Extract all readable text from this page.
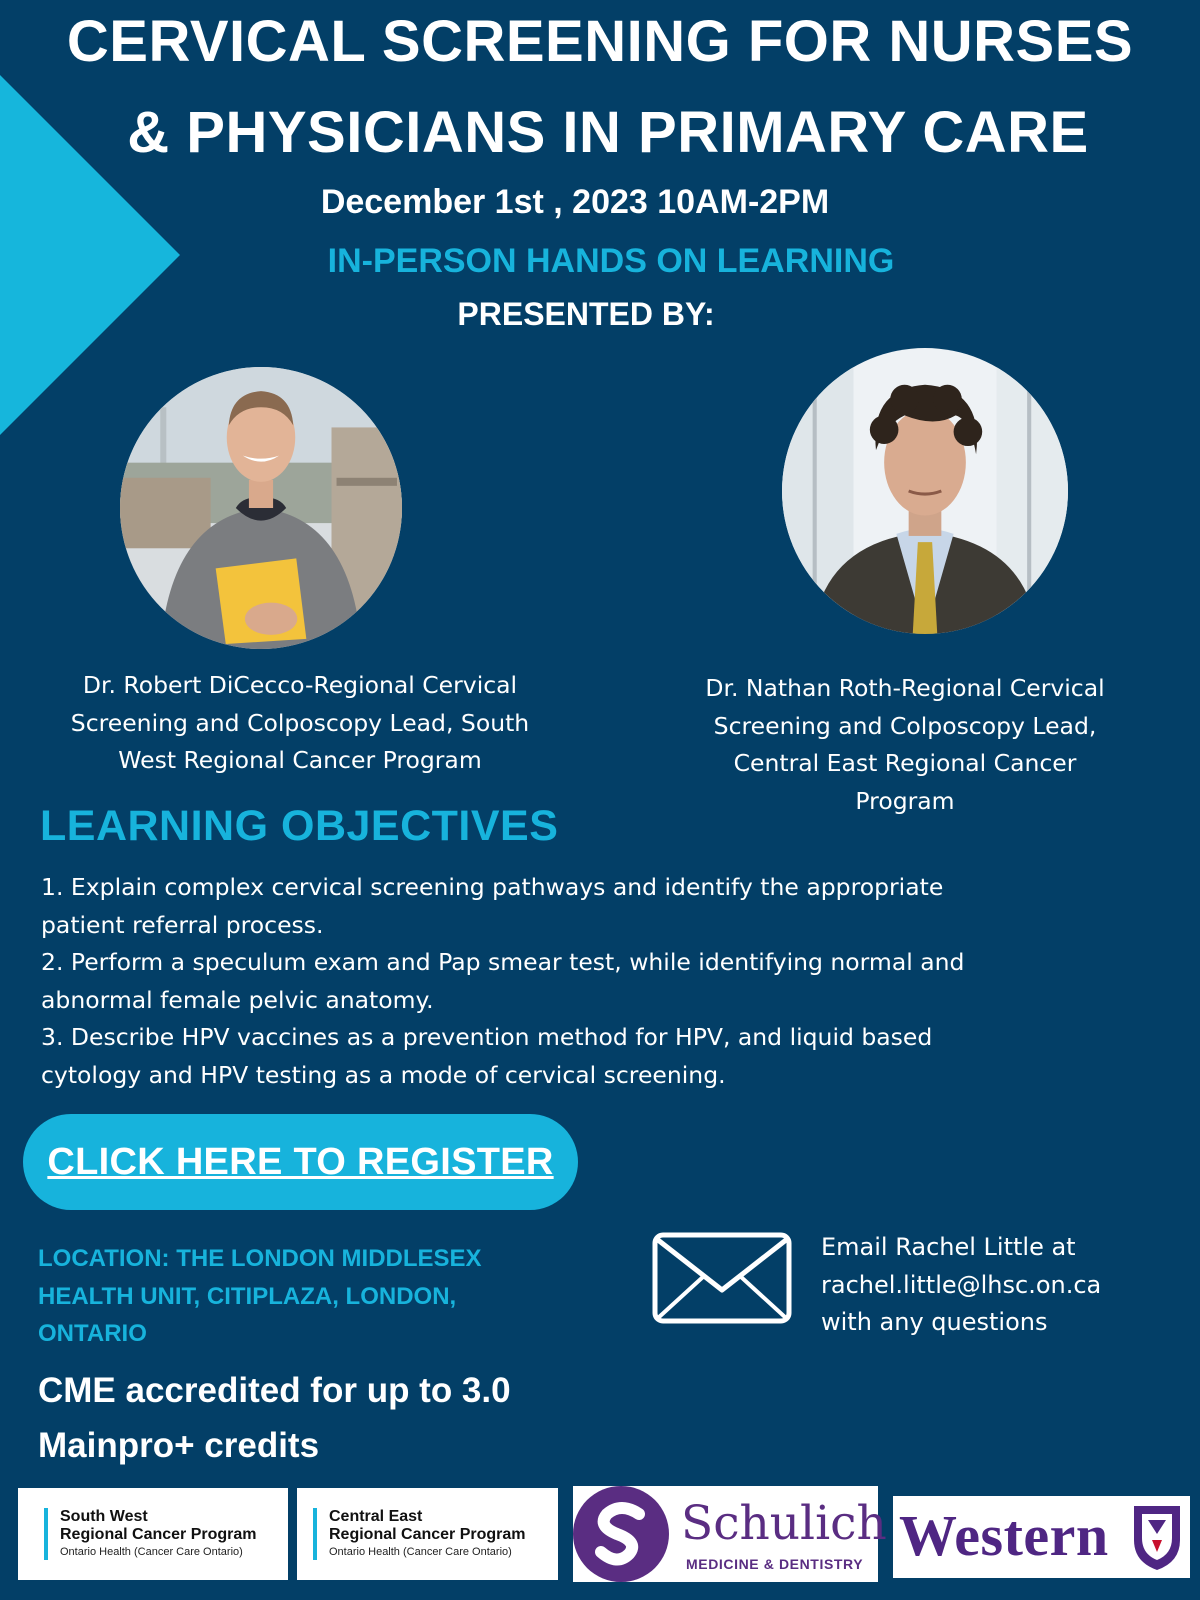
CERVICAL SCREENING FOR NURSES
& PHYSICIANS IN PRIMARY CARE
December 1st , 2023 10AM-2PM
IN-PERSON HANDS ON LEARNING
PRESENTED BY:
Dr. Robert DiCecco-Regional Cervical
Screening and Colposcopy Lead, South
West Regional Cancer Program
Dr. Nathan Roth-Regional Cervical
Screening and Colposcopy Lead,
Central East Regional Cancer
Program
LEARNING OBJECTIVES
1. Explain complex cervical screening pathways and identify the appropriate
patient referral process.
2. Perform a speculum exam and Pap smear test, while identifying normal and
abnormal female pelvic anatomy.
3. Describe HPV vaccines as a prevention method for HPV, and liquid based
cytology and HPV testing as a mode of cervical screening.
CLICK HERE TO REGISTER
LOCATION: THE LONDON MIDDLESEX
HEALTH UNIT, CITIPLAZA, LONDON,
ONTARIO
CME accredited for up to 3.0
Mainpro+ credits
Email Rachel Little at
rachel.little@lhsc.on.ca
with any questions
South West
Regional Cancer Program
Ontario Health (Cancer Care Ontario)
Central East
Regional Cancer Program
Ontario Health (Cancer Care Ontario)
Schulich
MEDICINE & DENTISTRY Western
